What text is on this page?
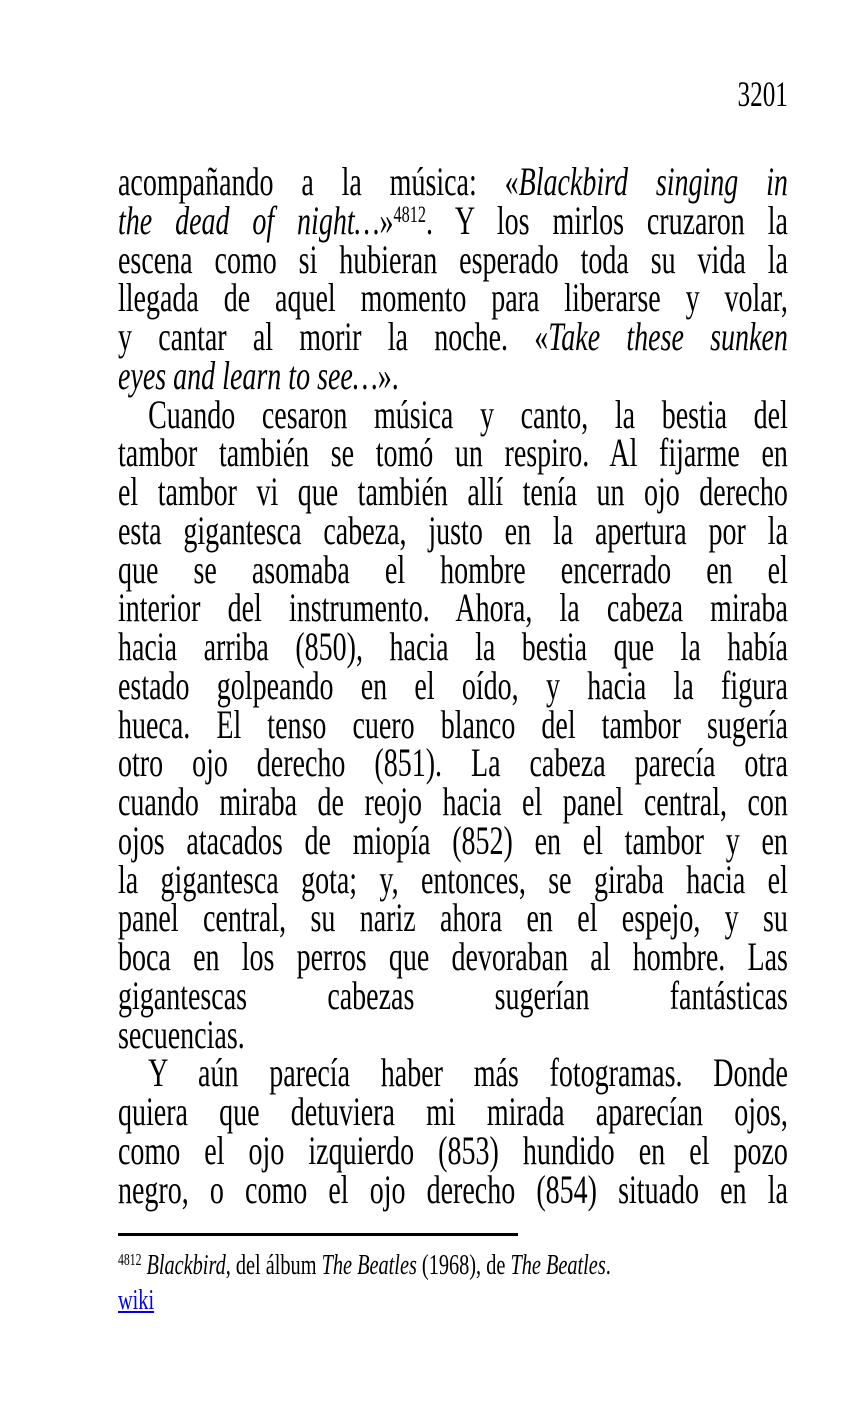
3201
acompañando a la música: «Blackbird singing in
the dead of night…»$^{4812}$. Y los mirlos cruzaron la
escena como si hubieran esperado toda su vida la
llegada de aquel momento para liberarse y volar,
y cantar al morir la noche. «Take these sunken
eyes and learn to see…».
Cuando cesaron música y canto, la bestia del
tambor también se tomó un respiro. Al fijarme en
el tambor vi que también allí tenía un ojo derecho
esta gigantesca cabeza, justo en la apertura por la
que se asomaba el hombre encerrado en el
interior del instrumento. Ahora, la cabeza miraba
hacia arriba (850), hacia la bestia que la había
estado golpeando en el oído, y hacia la figura
hueca. El tenso cuero blanco del tambor sugería
otro ojo derecho (851). La cabeza parecía otra
cuando miraba de reojo hacia el panel central, con
ojos atacados de miopía (852) en el tambor y en
la gigantesca gota; y, entonces, se giraba hacia el
panel central, su nariz ahora en el espejo, y su
boca en los perros que devoraban al hombre. Las
gigantescas cabezas sugerían fantásticas
secuencias.
Y aún parecía haber más fotogramas. Donde
quiera que detuviera mi mirada aparecían ojos,
como el ojo izquierdo (853) hundido en el pozo
negro, o como el ojo derecho (854) situado en la
$^{4812}$ Blackbird, del álbum The Beatles (1968), de The Beatles.
wiki
